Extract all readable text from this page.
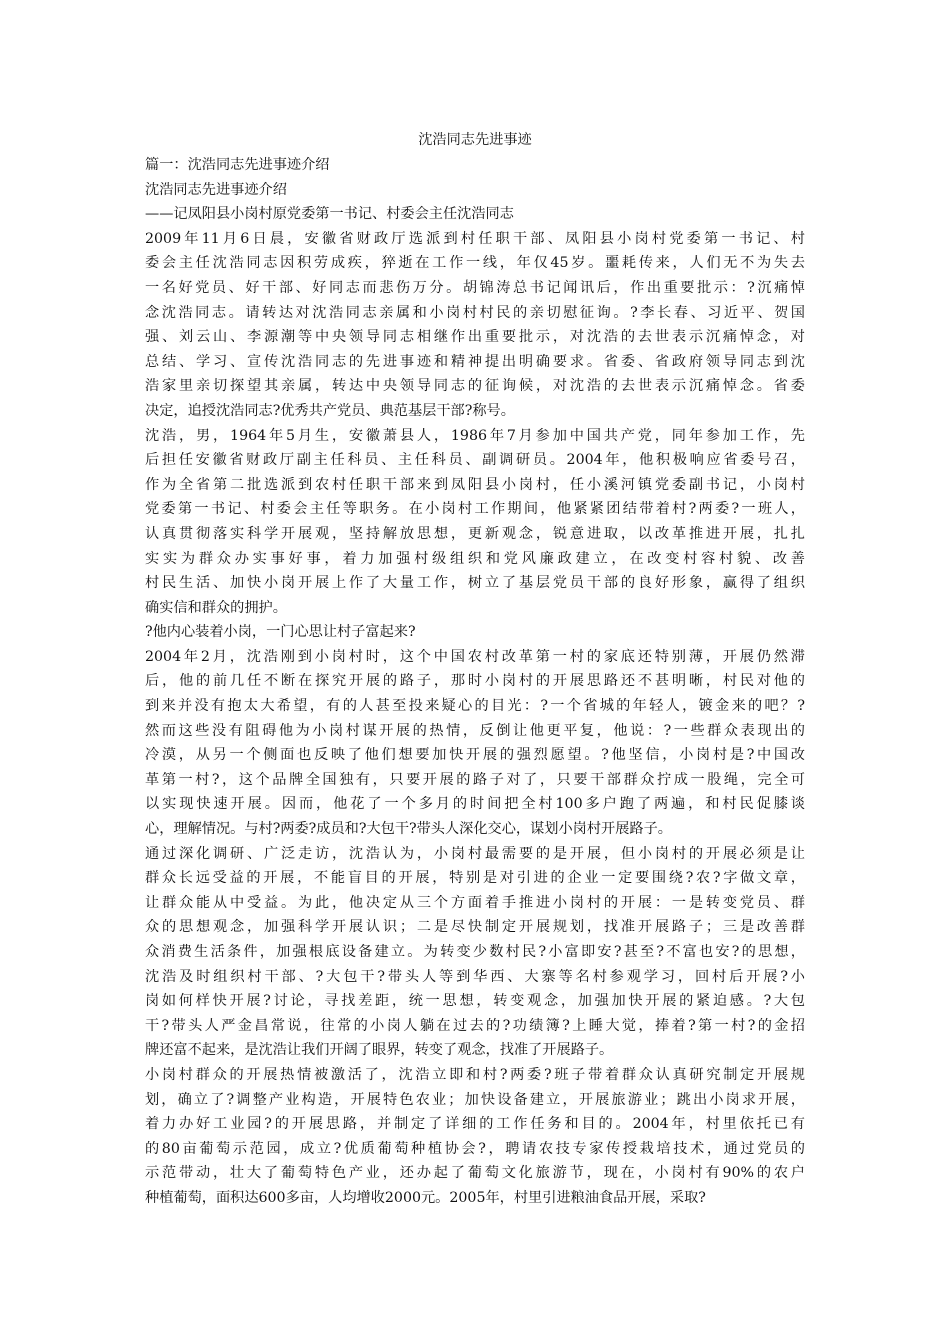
沈浩同志先进事迹
篇一：沈浩同志先进事迹介绍
沈浩同志先进事迹介绍
——记凤阳县小岗村原党委第一书记、村委会主任沈浩同志
2009年11月6日晨，安徽省财政厅选派到村任职干部、凤阳县小岗村党委第一书记、村
委会主任沈浩同志因积劳成疾，猝逝在工作一线，年仅45岁。噩耗传来，人们无不为失去
一名好党员、好干部、好同志而悲伤万分。胡锦涛总书记闻讯后，作出重要批示：?沉痛悼
念沈浩同志。请转达对沈浩同志亲属和小岗村村民的亲切慰征询。?李长春、习近平、贺国
强、刘云山、李源潮等中央领导同志相继作出重要批示，对沈浩的去世表示沉痛悼念，对
总结、学习、宣传沈浩同志的先进事迹和精神提出明确要求。省委、省政府领导同志到沈
浩家里亲切探望其亲属，转达中央领导同志的征询候，对沈浩的去世表示沉痛悼念。省委
决定，追授沈浩同志?优秀共产党员、典范基层干部?称号。
沈浩，男，1964年5月生，安徽萧县人，1986年7月参加中国共产党，同年参加工作，先
后担任安徽省财政厅副主任科员、主任科员、副调研员。2004年，他积极响应省委号召，
作为全省第二批选派到农村任职干部来到凤阳县小岗村，任小溪河镇党委副书记，小岗村
党委第一书记、村委会主任等职务。在小岗村工作期间，他紧紧团结带着村?两委?一班人，
认真贯彻落实科学开展观，坚持解放思想，更新观念，锐意进取，以改革推进开展，扎扎
实实为群众办实事好事，着力加强村级组织和党风廉政建立，在改变村容村貌、改善
村民生活、加快小岗开展上作了大量工作，树立了基层党员干部的良好形象，赢得了组织
确实信和群众的拥护。
?他内心装着小岗，一门心思让村子富起来?
2004年2月，沈浩刚到小岗村时，这个中国农村改革第一村的家底还特别薄，开展仍然滞
后，他的前几任不断在探究开展的路子，那时小岗村的开展思路还不甚明晰，村民对他的
到来并没有抱太大希望，有的人甚至投来疑心的目光：?一个省城的年轻人，镀金来的吧？?
然而这些没有阻碍他为小岗村谋开展的热情，反倒让他更平复，他说：?一些群众表现出的
冷漠，从另一个侧面也反映了他们想要加快开展的强烈愿望。?他坚信，小岗村是?中国改
革第一村?，这个品牌全国独有，只要开展的路子对了，只要干部群众拧成一股绳，完全可
以实现快速开展。因而，他花了一个多月的时间把全村100多户跑了两遍，和村民促膝谈
心，理解情况。与村?两委?成员和?大包干?带头人深化交心，谋划小岗村开展路子。
通过深化调研、广泛走访，沈浩认为，小岗村最需要的是开展，但小岗村的开展必须是让
群众长远受益的开展，不能盲目的开展，特别是对引进的企业一定要围绕?农?字做文章，
让群众能从中受益。为此，他决定从三个方面着手推进小岗村的开展：一是转变党员、群
众的思想观念，加强科学开展认识；二是尽快制定开展规划，找准开展路子；三是改善群
众消费生活条件，加强根底设备建立。为转变少数村民?小富即安?甚至?不富也安?的思想，
沈浩及时组织村干部、?大包干?带头人等到华西、大寨等名村参观学习，回村后开展?小
岗如何样快开展?讨论，寻找差距，统一思想，转变观念，加强加快开展的紧迫感。?大包
干?带头人严金昌常说，往常的小岗人躺在过去的?功绩簿?上睡大觉，捧着?第一村?的金招
牌还富不起来，是沈浩让我们开阔了眼界，转变了观念，找准了开展路子。
小岗村群众的开展热情被激活了，沈浩立即和村?两委?班子带着群众认真研究制定开展规
划，确立了?调整产业构造，开展特色农业；加快设备建立，开展旅游业；跳出小岗求开展，
着力办好工业园?的开展思路，并制定了详细的工作任务和目的。2004年，村里依托已有
的80亩葡萄示范园，成立?优质葡萄种植协会?，聘请农技专家传授栽培技术，通过党员的
示范带动，壮大了葡萄特色产业，还办起了葡萄文化旅游节，现在，小岗村有90%的农户
种植葡萄，面积达600多亩，人均增收2000元。2005年，村里引进粮油食品开展，采取?
